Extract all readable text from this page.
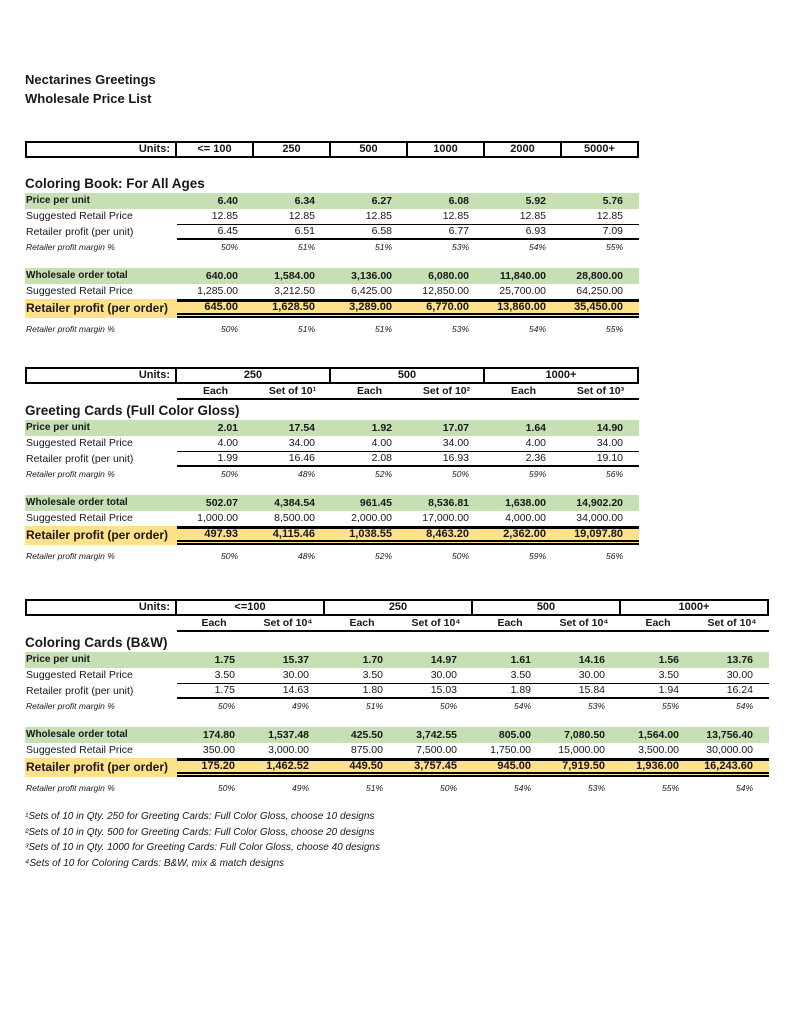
Nectarines Greetings
Wholesale Price List
Units:	<= 100	250	500	1000	2000	5000+
Coloring Book: For All Ages
Price per unit	6.40	6.34	6.27	6.08	5.92	5.76
Suggested Retail Price	12.85	12.85	12.85	12.85	12.85	12.85
Retailer profit (per unit)	6.45	6.51	6.58	6.77	6.93	7.09
Retailer profit margin %	50%	51%	51%	53%	54%	55%
Wholesale order total	640.00	1,584.00	3,136.00	6,080.00	11,840.00	28,800.00
Suggested Retail Price	1,285.00	3,212.50	6,425.00	12,850.00	25,700.00	64,250.00
Retailer profit (per order)	645.00	1,628.50	3,289.00	6,770.00	13,860.00	35,450.00
Retailer profit margin %	50%	51%	51%	53%	54%	55%
Units:	250	500	1000+
Each	Set of 10¹	Each	Set of 10²	Each	Set of 10³
Greeting Cards (Full Color Gloss)
Price per unit	2.01	17.54	1.92	17.07	1.64	14.90
Suggested Retail Price	4.00	34.00	4.00	34.00	4.00	34.00
Retailer profit (per unit)	1.99	16.46	2.08	16.93	2.36	19.10
Retailer profit margin %	50%	48%	52%	50%	59%	56%
Wholesale order total	502.07	4,384.54	961.45	8,536.81	1,638.00	14,902.20
Suggested Retail Price	1,000.00	8,500.00	2,000.00	17,000.00	4,000.00	34,000.00
Retailer profit (per order)	497.93	4,115.46	1,038.55	8,463.20	2,362.00	19,097.80
Retailer profit margin %	50%	48%	52%	50%	59%	56%
Units:	<=100	250	500	1000+
Each	Set of 10⁴	Each	Set of 10⁴	Each	Set of 10⁴	Each	Set of 10⁴
Coloring Cards (B&W)
Price per unit	1.75	15.37	1.70	14.97	1.61	14.16	1.56	13.76
Suggested Retail Price	3.50	30.00	3.50	30.00	3.50	30.00	3.50	30.00
Retailer profit (per unit)	1.75	14.63	1.80	15.03	1.89	15.84	1.94	16.24
Retailer profit margin %	50%	49%	51%	50%	54%	53%	55%	54%
Wholesale order total	174.80	1,537.48	425.50	3,742.55	805.00	7,080.50	1,564.00	13,756.40
Suggested Retail Price	350.00	3,000.00	875.00	7,500.00	1,750.00	15,000.00	3,500.00	30,000.00
Retailer profit (per order)	175.20	1,462.52	449.50	3,757.45	945.00	7,919.50	1,936.00	16,243.60
Retailer profit margin %	50%	49%	51%	50%	54%	53%	55%	54%
¹Sets of 10 in Qty. 250 for Greeting Cards: Full Color Gloss, choose 10 designs
²Sets of 10 in Qty. 500 for Greeting Cards: Full Color Gloss, choose 20 designs
³Sets of 10 in Qty. 1000 for Greeting Cards: Full Color Gloss, choose 40 designs
⁴Sets of 10 for Coloring Cards: B&W, mix & match designs
